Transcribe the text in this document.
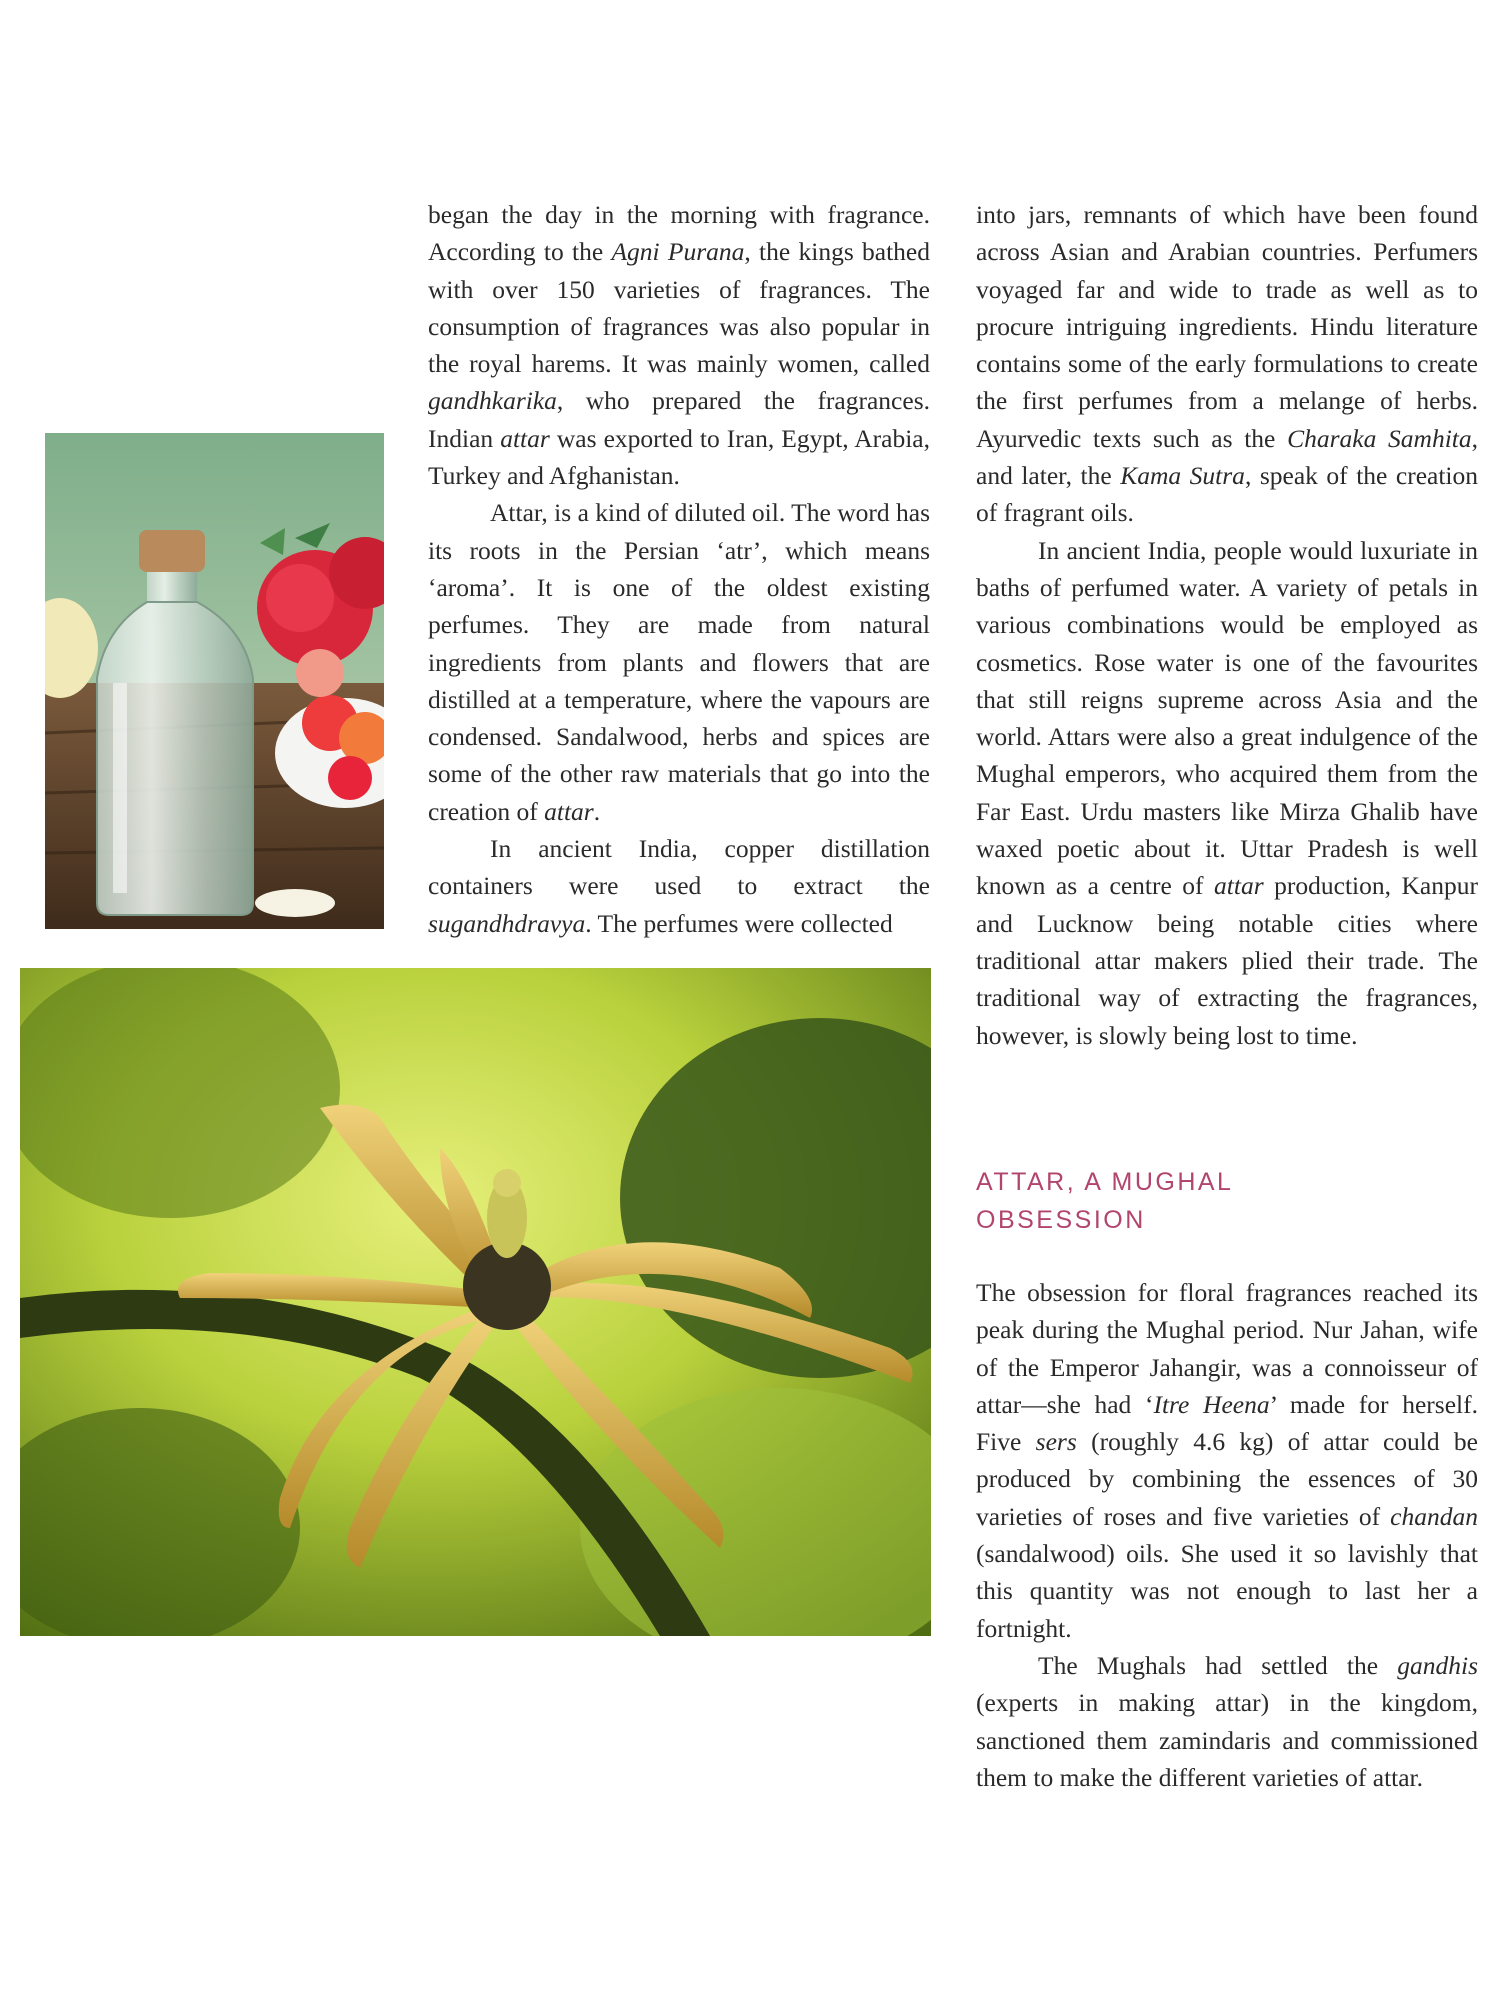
began the day in the morning with fragrance. According to the Agni Purana, the kings bathed with over 150 varieties of fragrances. The consumption of fragrances was also popular in the royal harems. It was mainly women, called gandhkarika, who prepared the fragrances. Indian attar was exported to Iran, Egypt, Arabia, Turkey and Afghanistan.

Attar, is a kind of diluted oil. The word has its roots in the Persian ‘atr’, which means ‘aroma’. It is one of the oldest existing perfumes. They are made from natural ingredients from plants and flowers that are distilled at a temperature, where the vapours are condensed. Sandalwood, herbs and spices are some of the other raw materials that go into the creation of attar.

In ancient India, copper distillation containers were used to extract the sugandhdravya. The perfumes were collected

into jars, remnants of which have been found across Asian and Arabian countries. Perfumers voyaged far and wide to trade as well as to procure intriguing ingredients. Hindu literature contains some of the early formulations to create the first perfumes from a melange of herbs. Ayurvedic texts such as the Charaka Samhita, and later, the Kama Sutra, speak of the creation of fragrant oils.

In ancient India, people would luxuriate in baths of perfumed water. A variety of petals in various combinations would be employed as cosmetics. Rose water is one of the favourites that still reigns supreme across Asia and the world. Attars were also a great indulgence of the Mughal emperors, who acquired them from the Far East. Urdu masters like Mirza Ghalib have waxed poetic about it. Uttar Pradesh is well known as a centre of attar production, Kanpur and Lucknow being notable cities where traditional attar makers plied their trade. The traditional way of extracting the fragrances, however, is slowly being lost to time.

ATTAR, A MUGHAL
OBSESSION

The obsession for floral fragrances reached its peak during the Mughal period. Nur Jahan, wife of the Emperor Jahangir, was a connoisseur of attar—she had ‘Itre Heena’ made for herself. Five sers (roughly 4.6 kg) of attar could be produced by combining the essences of 30 varieties of roses and five varieties of chandan (sandalwood) oils. She used it so lavishly that this quantity was not enough to last her a fortnight.

The Mughals had settled the gandhis (experts in making attar) in the kingdom, sanctioned them zamindaris and commissioned them to make the different varieties of attar.
